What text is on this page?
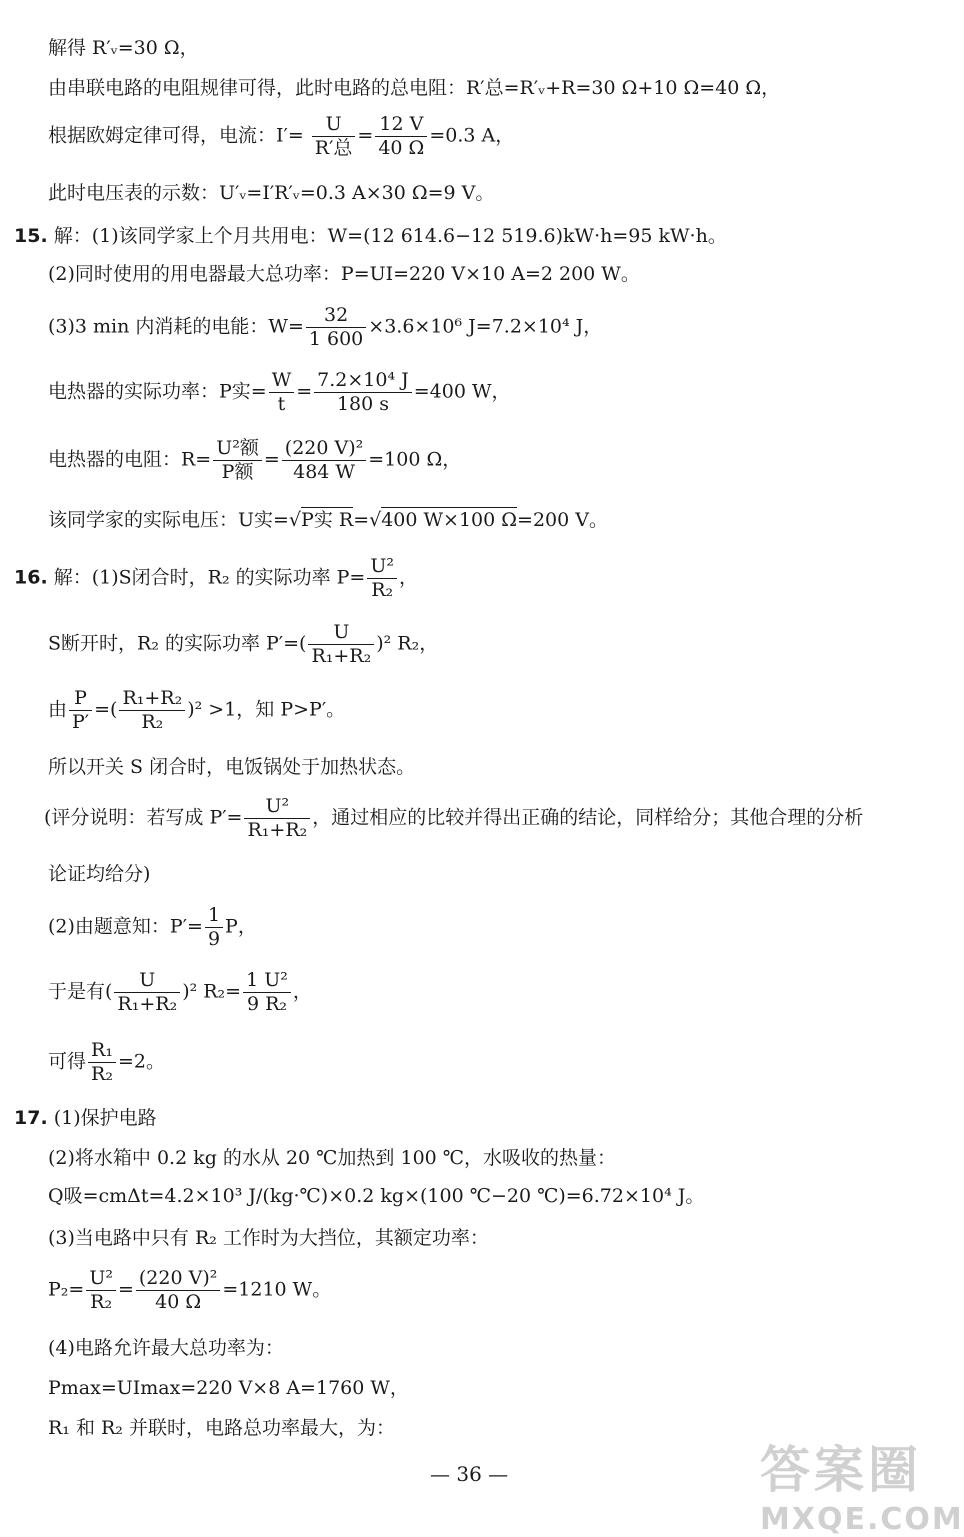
解得 R′ᵥ=30 Ω，
由串联电路的电阻规律可得，此时电路的总电阻：R′总=R′ᵥ+R=30 Ω+10 Ω=40 Ω，
根据欧姆定律可得，电流：$I'= \frac{U}{\text{R′总}} = \frac{12 V}{40 \Omega} =0.3$ A，
此时电压表的示数：U′ᵥ=I′R′ᵥ=0.3 A×30 Ω=9 V。
15. 解：(1)该同学家上个月共用电：W=(12 614.6−12 519.6)kW·h=95 kW·h。
(2)同时使用的用电器最大总功率：P=UI=220 V×10 A=2 200 W。
(3)3 min 内消耗的电能：$W= \frac{32}{1 600} \times 3.6\times 10^6$ J=7.2×10⁴ J，
电热器的实际功率：P实= $\frac{W}{t} = \frac{\text{7.2×10⁴ J}}{180 s} =400$ W，
电热器的电阻：$R= \frac{\text{U²额}}{\text{P额}} = \frac{\text{(220 V)²}}{484 W} =100$ Ω，
该同学家的实际电压：U实=√P实 R=√400 W×100 Ω=200 V。
16. 解：(1)S闭合时，R₂ 的实际功率 $P= \frac{\text{U²}}{\text{R₂}}$ ，
S断开时，R₂ 的实际功率 $P'=( \frac{U}{\text{R₁+R₂}} )^2$ R₂，
由 $\frac{P}{P'}$ =( $\frac{\text{R₁+R₂}}{\text{R₂}} )^2 >1$，知 P>P′。
所以开关 S 闭合时，电饭锅处于加热状态。
(评分说明：若写成 $P'= \frac{\text{U²}}{\text{R₁+R₂}}$ ，通过相应的比较并得出正确的结论，同样给分；其他合理的分析
论证均给分)
(2)由题意知：$P'= \frac{1}{9}$ P，
于是有( $\frac{U}{\text{R₁+R₂}} )^2$ $R_2= \frac{\text{1 U²}}{\text{9 R₂}}$ ，
可得 $\frac{\text{R₁}}{\text{R₂}} =2$。
17. (1)保护电路
(2)将水箱中 0.2 kg 的水从 20 ℃加热到 100 ℃，水吸收的热量：
Q吸=cmΔt=4.2×10³ J/(kg·℃)×0.2 kg×(100 ℃−20 ℃)=6.72×10⁴ J。
(3)当电路中只有 R₂ 工作时为大挡位，其额定功率：
$P_2= \frac{\text{U²}}{\text{R₂}} = \frac{\text{(220 V)²}}{40 \Omega} =1210$ W。
(4)电路允许最大总功率为：
Pmax=UImax=220 V×8 A=1760 W，
R₁ 和 R₂ 并联时，电路总功率最大，为：
— 36 —	答案圈
MXQE.COM
